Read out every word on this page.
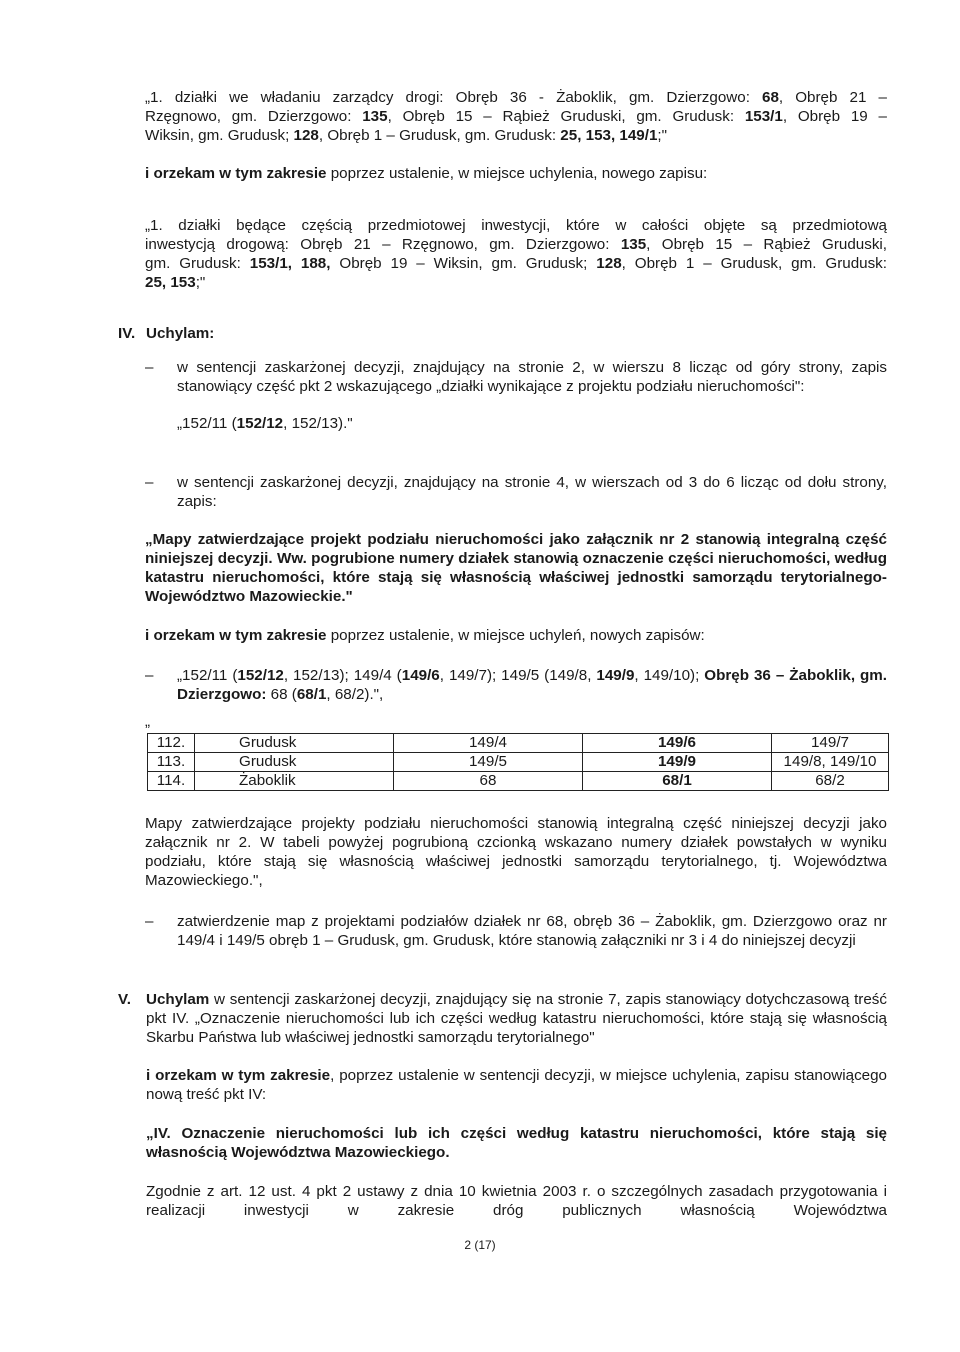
„1. działki we władaniu zarządcy drogi: Obręb 36 - Żaboklik, gm. Dzierzgowo: 68, Obręb 21 –
Rzęgnowo, gm. Dzierzgowo: 135, Obręb 15 – Rąbież Gruduski, gm. Grudusk: 153/1, Obręb 19 –
Wiksin, gm. Grudusk; 128, Obręb 1 – Grudusk, gm. Grudusk: 25, 153, 149/1;"
i orzekam w tym zakresie poprzez ustalenie, w miejsce uchylenia, nowego zapisu:
„1. działki będące częścią przedmiotowej inwestycji, które w całości objęte są przedmiotową
inwestycją drogową: Obręb 21 – Rzęgnowo, gm. Dzierzgowo: 135, Obręb 15 – Rąbież Gruduski,
gm. Grudusk: 153/1, 188, Obręb 19 – Wiksin, gm. Grudusk; 128, Obręb 1 – Grudusk, gm. Grudusk:
25, 153;"
IV. Uchylam:
– w sentencji zaskarżonej decyzji, znajdujący na stronie 2, w wierszu 8 licząc od góry strony, zapis stanowiący część pkt 2 wskazującego „działki wynikające z projektu podziału nieruchomości":
„152/11 (152/12, 152/13)."
– w sentencji zaskarżonej decyzji, znajdujący na stronie 4, w wierszach od 3 do 6 licząc od dołu strony, zapis:
„Mapy zatwierdzające projekt podziału nieruchomości jako załącznik nr 2 stanowią integralną część niniejszej decyzji. Ww. pogrubione numery działek stanowią oznaczenie części nieruchomości, według katastru nieruchomości, które stają się własnością właściwej jednostki samorządu terytorialnego- Województwo Mazowieckie."
i orzekam w tym zakresie poprzez ustalenie, w miejsce uchyleń, nowych zapisów:
– „152/11 (152/12, 152/13); 149/4 (149/6, 149/7); 149/5 (149/8, 149/9, 149/10); Obręb 36 – Żaboklik, gm. Dzierzgowo: 68 (68/1, 68/2).",
„
112.	Grudusk	149/4	149/6	149/7
113.	Grudusk	149/5	149/9	149/8, 149/10
114.	Żaboklik	68	68/1	68/2
Mapy zatwierdzające projekty podziału nieruchomości stanowią integralną część niniejszej decyzji jako załącznik nr 2. W tabeli powyżej pogrubioną czcionką wskazano numery działek powstałych w wyniku podziału, które stają się własnością właściwej jednostki samorządu terytorialnego, tj. Województwa Mazowieckiego.",
– zatwierdzenie map z projektami podziałów działek nr 68, obręb 36 – Żaboklik, gm. Dzierzgowo oraz nr 149/4 i 149/5 obręb 1 – Grudusk, gm. Grudusk, które stanowią załączniki nr 3 i 4 do niniejszej decyzji
V. Uchylam w sentencji zaskarżonej decyzji, znajdujący się na stronie 7, zapis stanowiący dotychczasową treść pkt IV. „Oznaczenie nieruchomości lub ich części według katastru nieruchomości, które stają się własnością Skarbu Państwa lub właściwej jednostki samorządu terytorialnego"
i orzekam w tym zakresie, poprzez ustalenie w sentencji decyzji, w miejsce uchylenia, zapisu stanowiącego nową treść pkt IV:
„IV. Oznaczenie nieruchomości lub ich części według katastru nieruchomości, które stają się własnością Województwa Mazowieckiego.
Zgodnie z art. 12 ust. 4 pkt 2 ustawy z dnia 10 kwietnia 2003 r. o szczególnych zasadach przygotowania i realizacji inwestycji w zakresie dróg publicznych własnością Województwa
2 (17)
